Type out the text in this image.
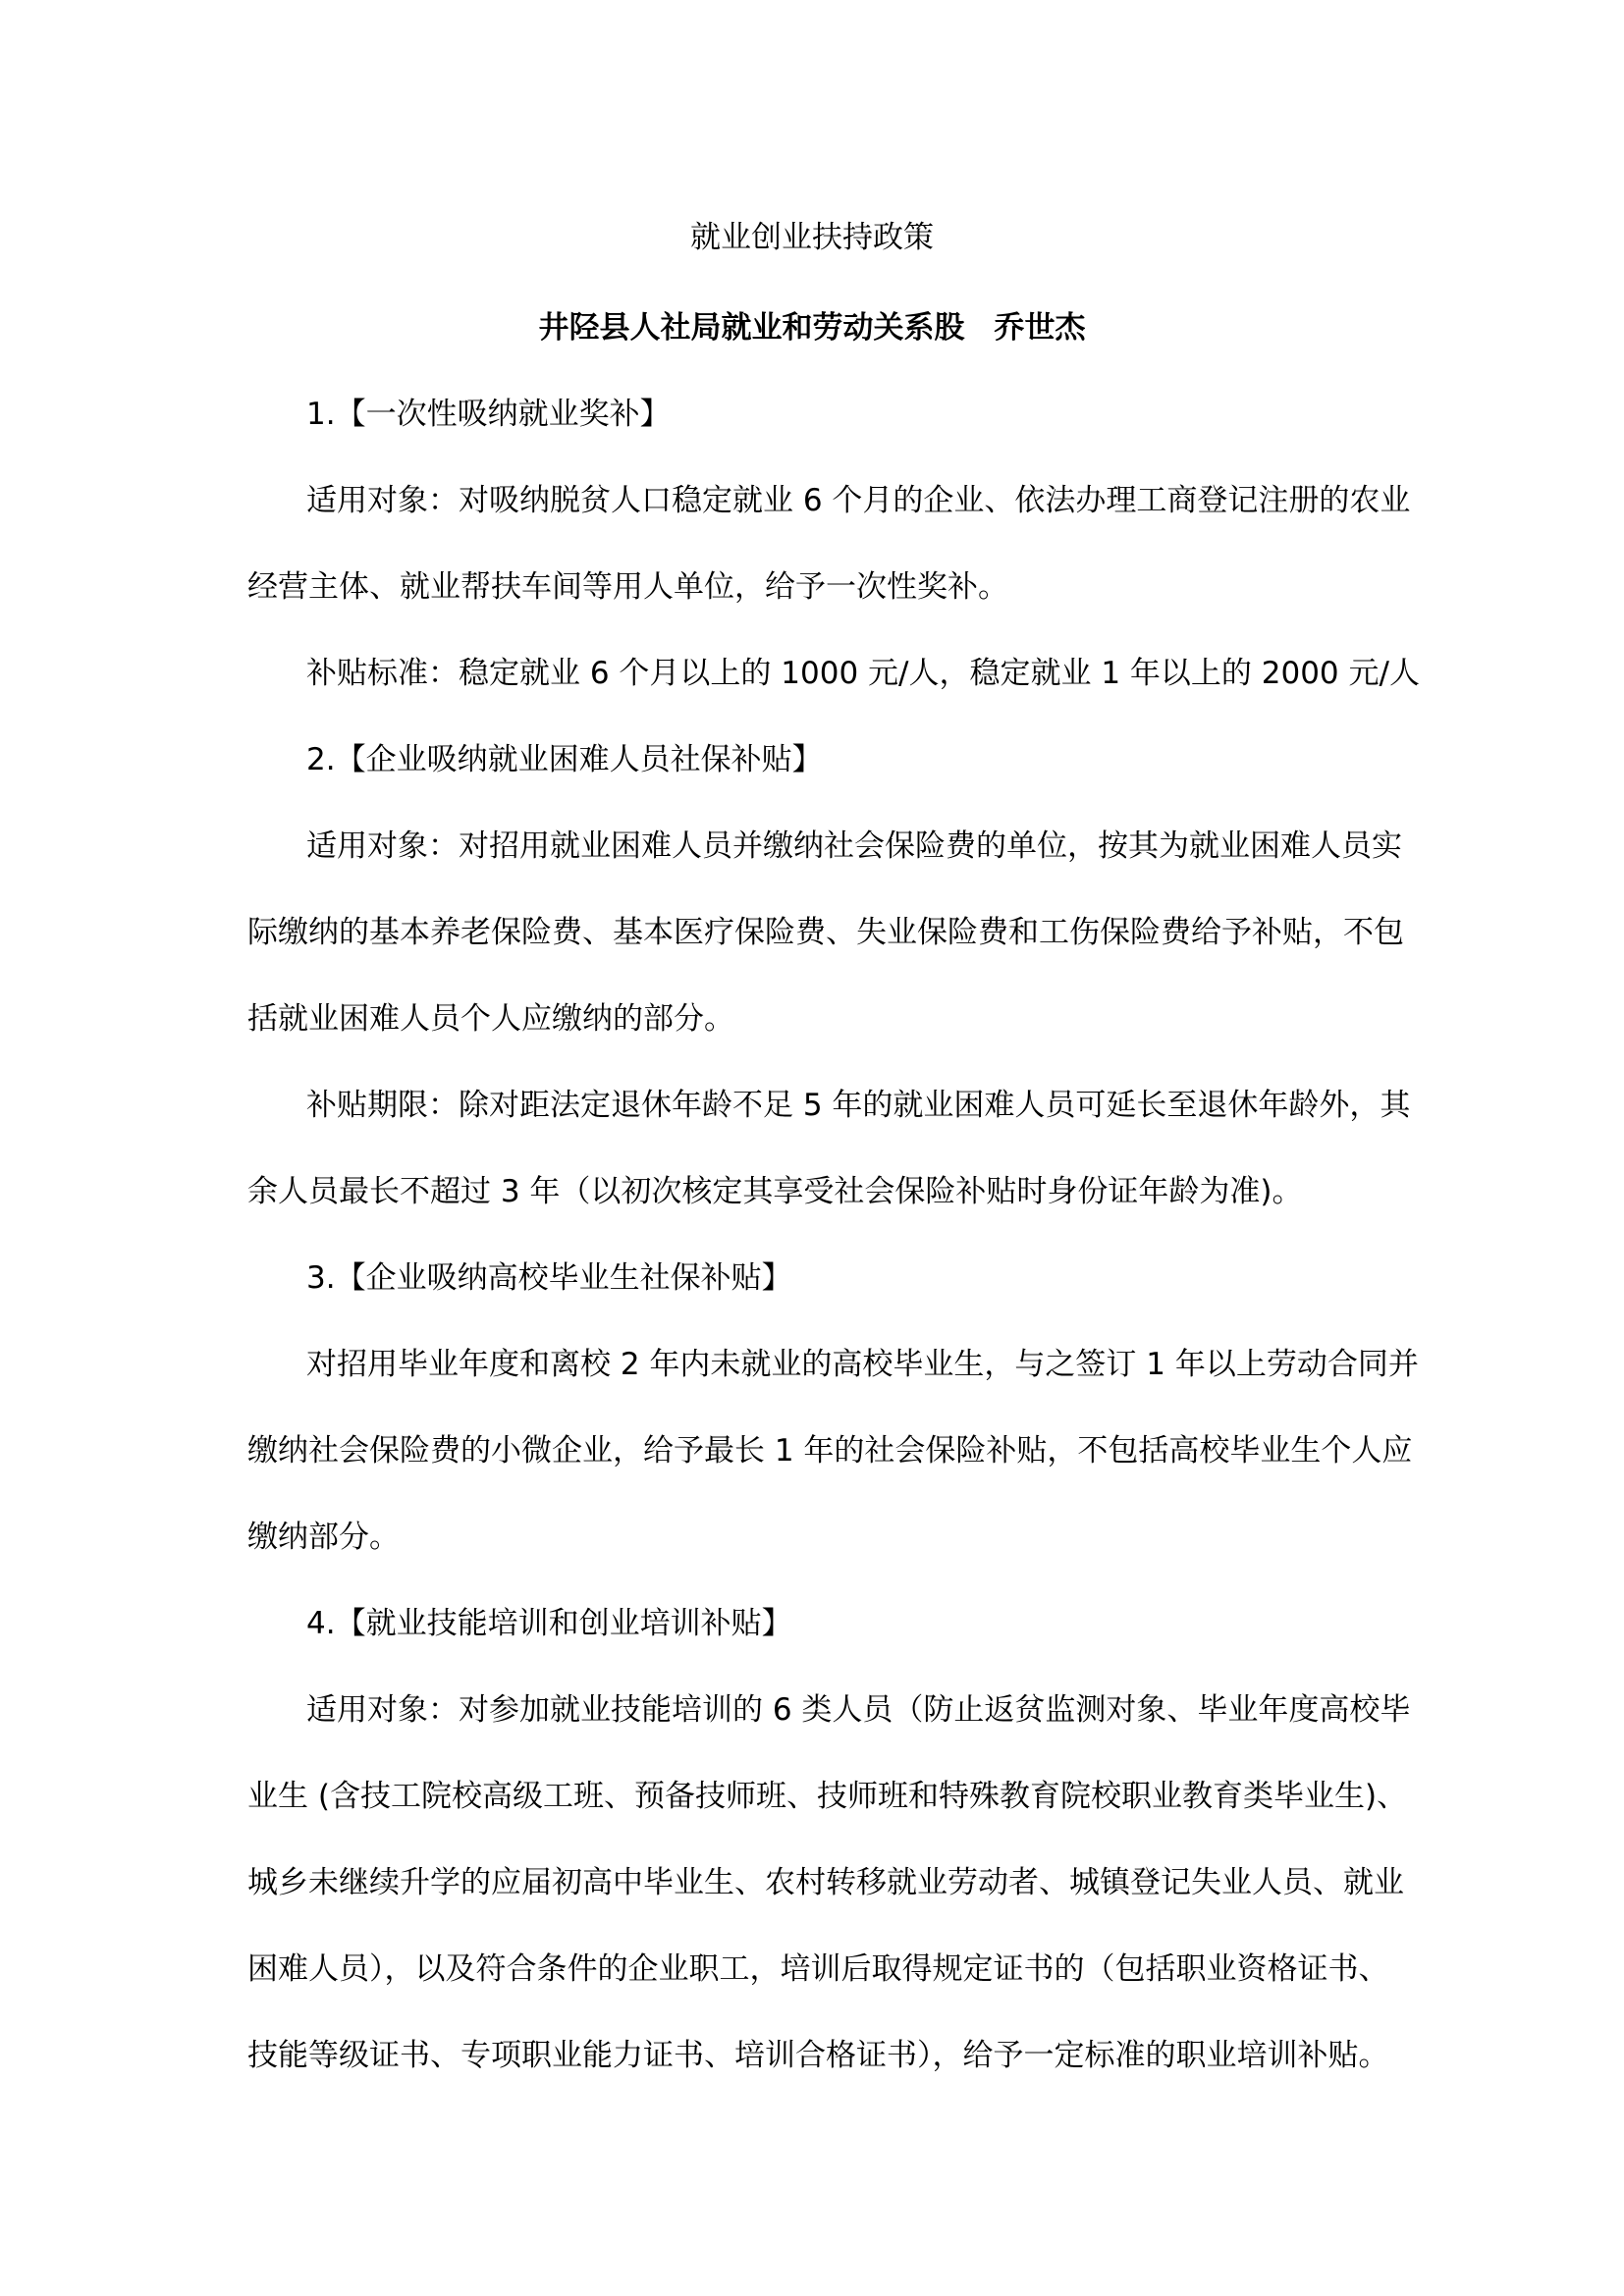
就业创业扶持政策
井陉县人社局就业和劳动关系股 乔世杰
1.【一次性吸纳就业奖补】
适用对象：对吸纳脱贫人口稳定就业 6 个月的企业、依法办理工商登记注册的农业
经营主体、就业帮扶车间等用人单位，给予一次性奖补。
补贴标准：稳定就业 6 个月以上的 1000 元/人，稳定就业 1 年以上的 2000 元/人
2.【企业吸纳就业困难人员社保补贴】
适用对象：对招用就业困难人员并缴纳社会保险费的单位，按其为就业困难人员实
际缴纳的基本养老保险费、基本医疗保险费、失业保险费和工伤保险费给予补贴，不包
括就业困难人员个人应缴纳的部分。
补贴期限：除对距法定退休年龄不足 5 年的就业困难人员可延长至退休年龄外，其
余人员最长不超过 3 年（以初次核定其享受社会保险补贴时身份证年龄为准)。
3.【企业吸纳高校毕业生社保补贴】
对招用毕业年度和离校 2 年内未就业的高校毕业生，与之签订 1 年以上劳动合同并
缴纳社会保险费的小微企业，给予最长 1 年的社会保险补贴，不包括高校毕业生个人应
缴纳部分。
4.【就业技能培训和创业培训补贴】
适用对象：对参加就业技能培训的 6 类人员（防止返贫监测对象、毕业年度高校毕
业生 (含技工院校高级工班、预备技师班、技师班和特殊教育院校职业教育类毕业生)、
城乡未继续升学的应届初高中毕业生、农村转移就业劳动者、城镇登记失业人员、就业
困难人员），以及符合条件的企业职工，培训后取得规定证书的（包括职业资格证书、
技能等级证书、专项职业能力证书、培训合格证书），给予一定标准的职业培训补贴。
